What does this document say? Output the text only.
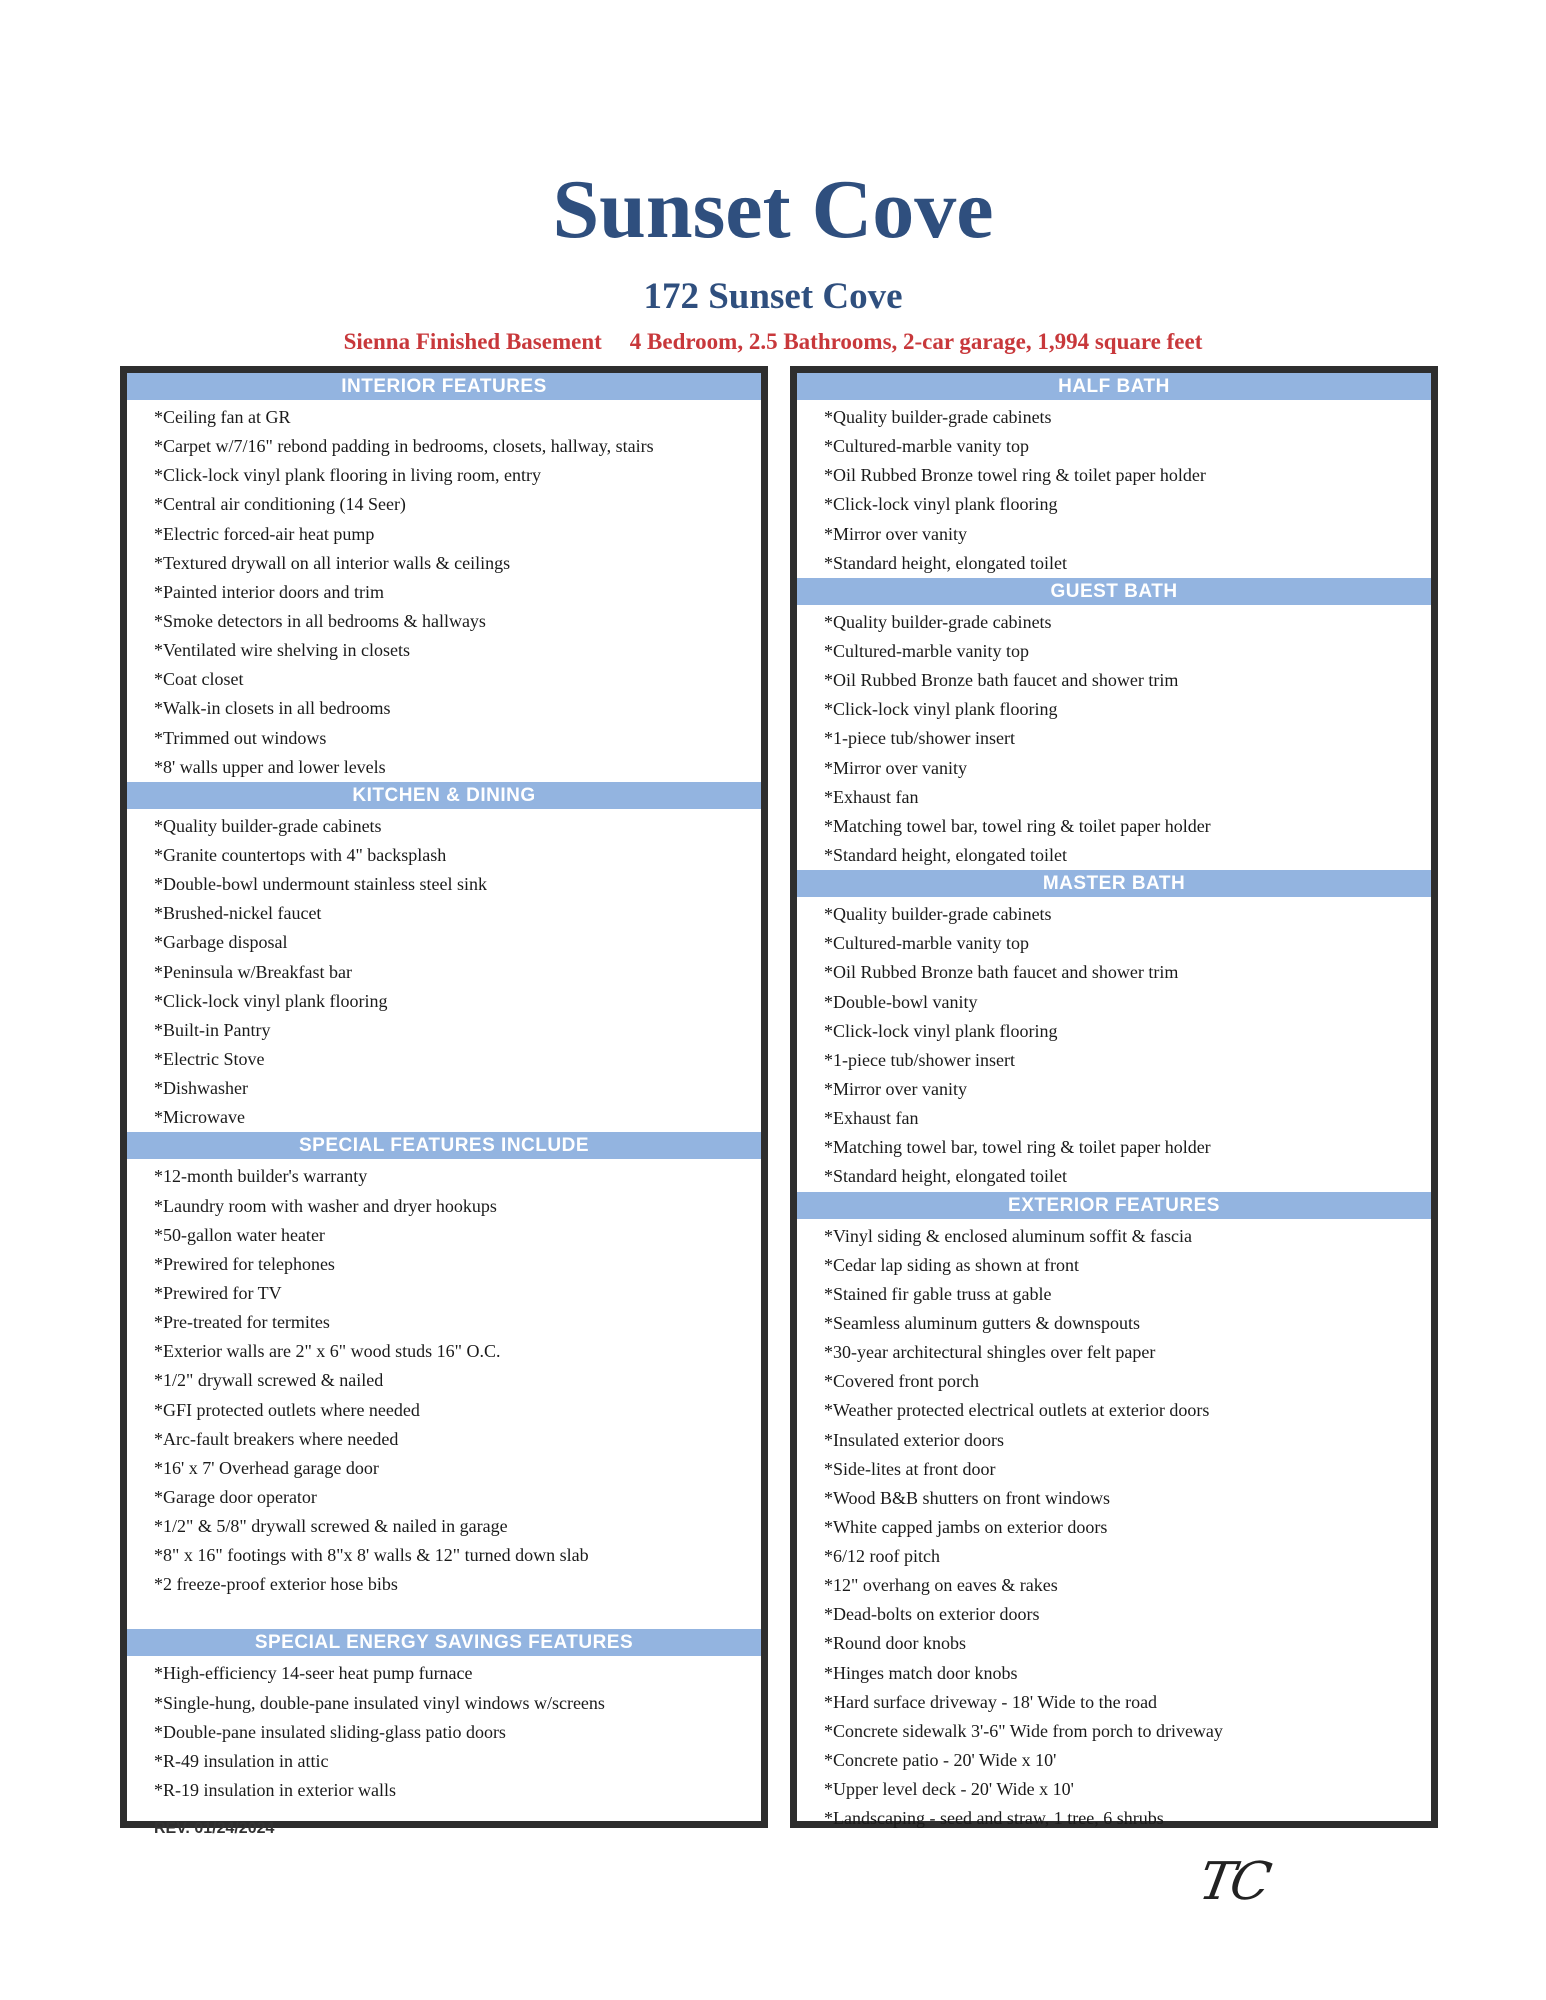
Sunset Cove
172 Sunset Cove
Sienna Finished Basement 4 Bedroom, 2.5 Bathrooms, 2-car garage, 1,994 square feet
INTERIOR FEATURES
*Ceiling fan at GR
*Carpet w/7/16" rebond padding in bedrooms, closets, hallway, stairs
*Click-lock vinyl plank flooring in living room, entry
*Central air conditioning (14 Seer)
*Electric forced-air heat pump
*Textured drywall on all interior walls & ceilings
*Painted interior doors and trim
*Smoke detectors in all bedrooms & hallways
*Ventilated wire shelving in closets
*Coat closet
*Walk-in closets in all bedrooms
*Trimmed out windows
*8' walls upper and lower levels
KITCHEN & DINING
*Quality builder-grade cabinets
*Granite countertops with 4" backsplash
*Double-bowl undermount stainless steel sink
*Brushed-nickel faucet
*Garbage disposal
*Peninsula w/Breakfast bar
*Click-lock vinyl plank flooring
*Built-in Pantry
*Electric Stove
*Dishwasher
*Microwave
SPECIAL FEATURES INCLUDE
*12-month builder's warranty
*Laundry room with washer and dryer hookups
*50-gallon water heater
*Prewired for telephones
*Prewired for TV
*Pre-treated for termites
*Exterior walls are 2" x 6" wood studs 16" O.C.
*1/2" drywall screwed & nailed
*GFI protected outlets where needed
*Arc-fault breakers where needed
*16' x 7' Overhead garage door
*Garage door operator
*1/2" & 5/8" drywall screwed & nailed in garage
*8" x 16" footings with 8"x 8' walls & 12" turned down slab
*2 freeze-proof exterior hose bibs
SPECIAL ENERGY SAVINGS FEATURES
*High-efficiency 14-seer heat pump furnace
*Single-hung, double-pane insulated vinyl windows w/screens
*Double-pane insulated sliding-glass patio doors
*R-49 insulation in attic
*R-19 insulation in exterior walls
HALF BATH
*Quality builder-grade cabinets
*Cultured-marble vanity top
*Oil Rubbed Bronze towel ring & toilet paper holder
*Click-lock vinyl plank flooring
*Mirror over vanity
*Standard height, elongated toilet
GUEST BATH
*Quality builder-grade cabinets
*Cultured-marble vanity top
*Oil Rubbed Bronze bath faucet and shower trim
*Click-lock vinyl plank flooring
*1-piece tub/shower insert
*Mirror over vanity
*Exhaust fan
*Matching towel bar, towel ring & toilet paper holder
*Standard height, elongated toilet
MASTER BATH
*Quality builder-grade cabinets
*Cultured-marble vanity top
*Oil Rubbed Bronze bath faucet and shower trim
*Double-bowl vanity
*Click-lock vinyl plank flooring
*1-piece tub/shower insert
*Mirror over vanity
*Exhaust fan
*Matching towel bar, towel ring & toilet paper holder
*Standard height, elongated toilet
EXTERIOR FEATURES
*Vinyl siding & enclosed aluminum soffit & fascia
*Cedar lap siding as shown at front
*Stained fir gable truss at gable
*Seamless aluminum gutters & downspouts
*30-year architectural shingles over felt paper
*Covered front porch
*Weather protected electrical outlets at exterior doors
*Insulated exterior doors
*Side-lites at front door
*Wood B&B shutters on front windows
*White capped jambs on exterior doors
*6/12 roof pitch
*12" overhang on eaves & rakes
*Dead-bolts on exterior doors
*Round door knobs
*Hinges match door knobs
*Hard surface driveway - 18' Wide to the road
*Concrete sidewalk 3'-6" Wide from porch to driveway
*Concrete patio - 20' Wide x 10'
*Upper level deck - 20' Wide x 10'
*Landscaping - seed and straw, 1 tree, 6 shrubs
REV. 01/24/2024
TC
